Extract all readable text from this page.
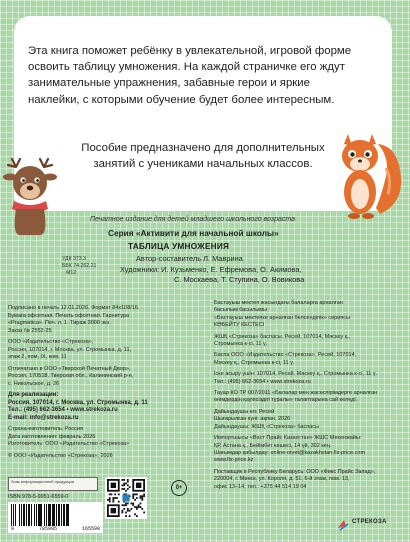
Эта книга поможет ребёнку в увлекательной, игровой форме освоить таблицу умножения. На каждой страничке его ждут занимательные упражнения, забавные герои и яркие наклейки, с которыми обучение будет более интересным.

Пособие предназначено для дополнительных занятий с учениками начальных классов.

Печатное издание для детей младшего школьного возраста
Серия «Активити для начальной школы»
ТАБЛИЦА УМНОЖЕНИЯ
УДК 373.3
ББК 74.262.21
М12
Автор-составитель Л. Маврина
Художники: И. Кузьменко, Е. Ефремова, О. Акимова,
С. Москаева, Т. Ступина, О. Вовикова
Подписано в печать 12.01.2026. Формат 84х108/16.
Бумага офсетная. Печать офсетная. Гарнитура
«Pragmatica». Печ. л. 1. Тираж 3000 экз.
Заказ № 2552-25
ООО «Издательство «Стрекоза»,
Россия, 107014, г. Москва, ул. Стромынка, д. 11,
этаж 2, пом. IX, ком. 11
Отпечатано в ООО «Тверской Печатный Двор»,
Россия, 170518, Тверская обл., Калининский р-н,
с. Никольское, д. 26
Для реализации:
Россия, 107014, г. Москва, ул. Стромынка, д. 11
Тел.: (495) 662-3654 • www.strekoza.ru
E-mail: info@strekoza.ru
Страна-изготовитель: Россия
Дата изготовления: февраль 2026
Изготовитель: ООО «Издательство «Стрекоза»
© ООО «Издательство «Стрекоза», 2026
Бастауыш мектеп жасындағы балаларға арналған
басылым басылымы
«Бастауыш мектепке арналған белсенділік» сериясы
КӨБЕЙТУ КЕСТЕСІ
ЖШҚ «Стрекоза» баспасы. Ресей, 107014, Мәскеу қ.,
Стромынка к-сі, 11 ү.
Баспа ООО «Издательство «Стрекоза». Ресей, 107014,
Мәскеу қ., Стромынка к-сі, 11 ү.
Іске асыру үшін: 107014, Ресей, Мәскеу қ., Стромынка к-сі, 11 ү.
Тел.: (495) 662-3654 • www.strekoza.ru
Тауар КО ТР 007/2011 «Балалар мен жасөспірімдерге арналған
өнімдердің қауіпсіздігі туралы» талаптарына сай келеді.
Дайындаушы ел: Ресей
Шығарылған күні: ақпан, 2026
Дайындаушы: ЖШҚ «Стрекоза» баспасы
Импортшысы «Васт Прайс Казахстан» ЖШС Мекенжайы:
ҚР, Астана қ., Бейімбет көшесі, 14 үй, 302 кең.
Шағымдар қабылдау: online-otvet@kazakhstan.fix-price.com
www.fix-price.kz
Поставщик в Республику Беларусь: ООО «Фикс Прайс Запад»,
220004, г. Минск, ул. Короля, д. 51, 6-й этаж, пом. 13,
офис 13–14, тел.: +375 44 514 19 04
Знак информационной продукции
ISBN 978-5-9951-6559-0
9	785995	165590
0+
СТРЕКОЗА
